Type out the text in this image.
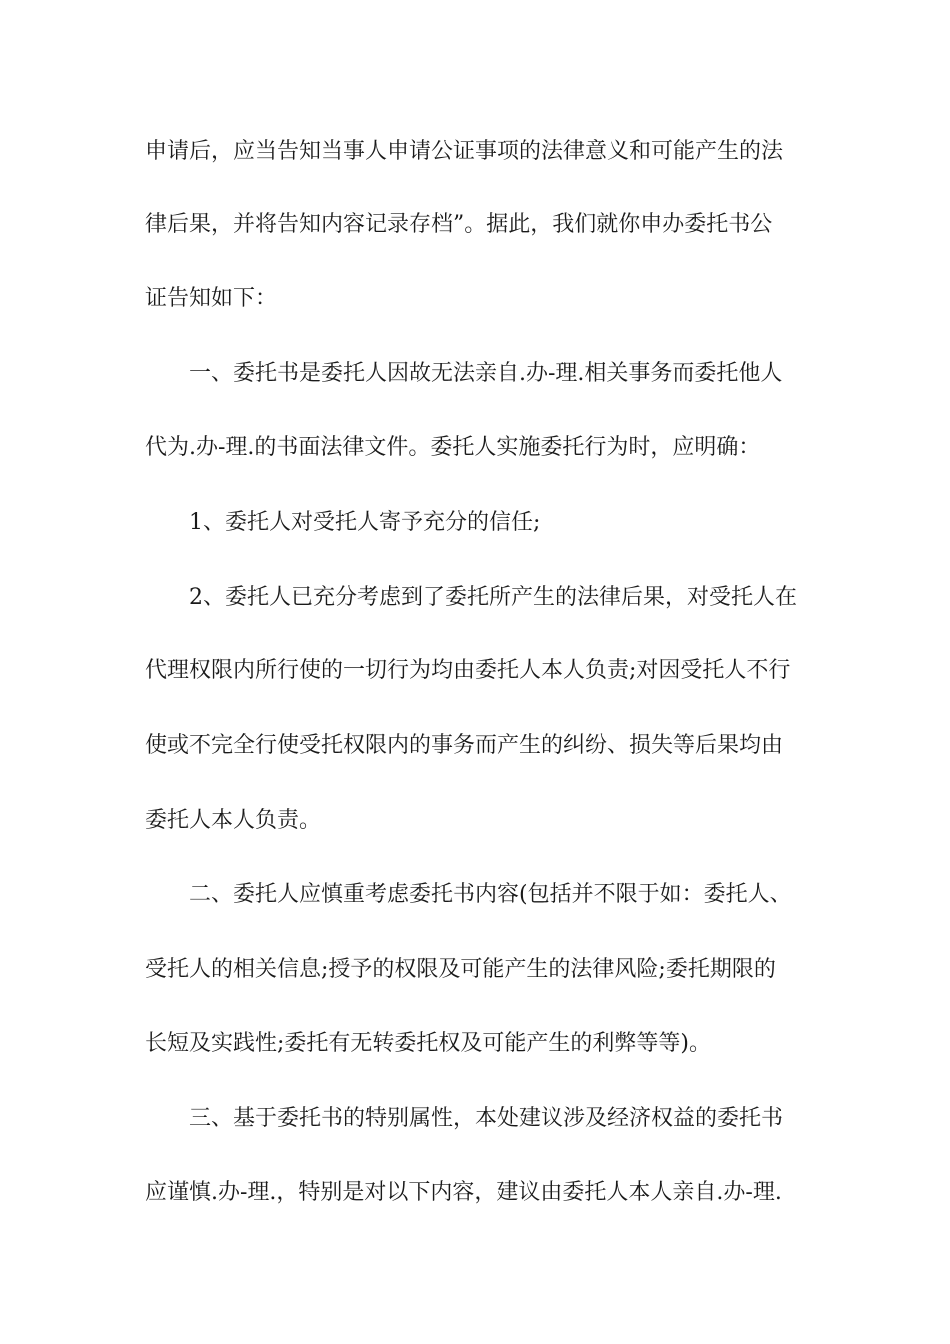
申请后，应当告知当事人申请公证事项的法律意义和可能产生的法
律后果，并将告知内容记录存档”。据此，我们就你申办委托书公
证告知如下：
一、委托书是委托人因故无法亲自.办-理.相关事务而委托他人
代为.办-理.的书面法律文件。委托人实施委托行为时，应明确：
1、委托人对受托人寄予充分的信任;
2、委托人已充分考虑到了委托所产生的法律后果，对受托人在
代理权限内所行使的一切行为均由委托人本人负责;对因受托人不行
使或不完全行使受托权限内的事务而产生的纠纷、损失等后果均由
委托人本人负责。
二、委托人应慎重考虑委托书内容(包括并不限于如：委托人、
受托人的相关信息;授予的权限及可能产生的法律风险;委托期限的
长短及实践性;委托有无转委托权及可能产生的利弊等等)。
三、基于委托书的特别属性，本处建议涉及经济权益的委托书
应谨慎.办-理.，特别是对以下内容，建议由委托人本人亲自.办-理.
